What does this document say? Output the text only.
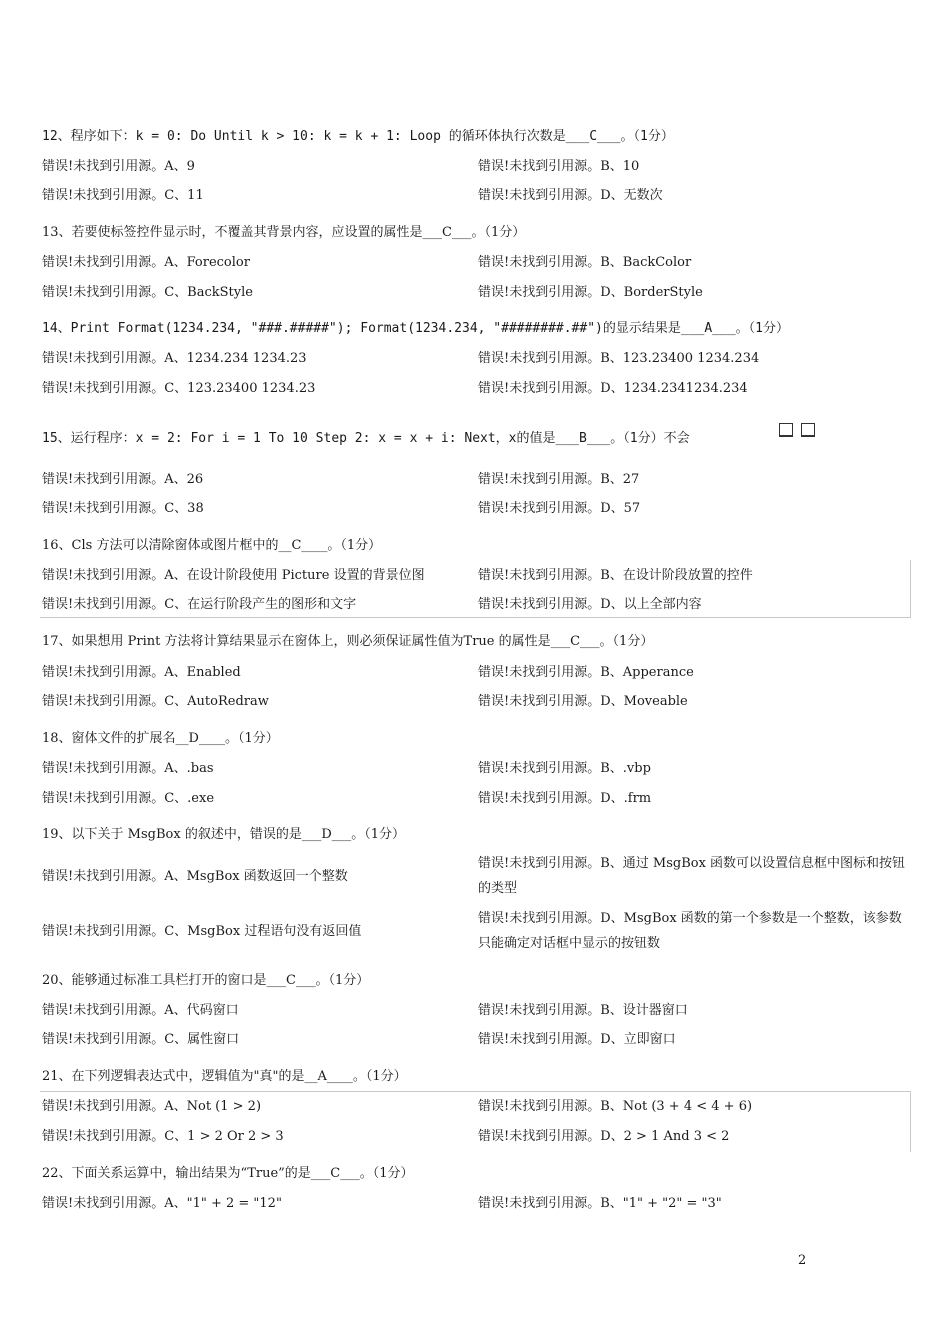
12、程序如下：k = 0: Do Until k > 10: k = k + 1: Loop 的循环体执行次数是___C___。（1分）
错误!未找到引用源。A、9	错误!未找到引用源。B、10
错误!未找到引用源。C、11	错误!未找到引用源。D、无数次
13、若要使标签控件显示时，不覆盖其背景内容，应设置的属性是___C___。（1分）
错误!未找到引用源。A、Forecolor	错误!未找到引用源。B、BackColor
错误!未找到引用源。C、BackStyle	错误!未找到引用源。D、BorderStyle
14、Print Format(1234.234, "###.#####"); Format(1234.234, "########.##")的显示结果是___A___。（1分）
错误!未找到引用源。A、1234.234 1234.23	错误!未找到引用源。B、123.23400 1234.234
错误!未找到引用源。C、123.23400 1234.23	错误!未找到引用源。D、1234.2341234.234
15、运行程序：x = 2: For i = 1 To 10 Step 2: x = x + i: Next，x的值是___B___。（1分）不会
错误!未找到引用源。A、26	错误!未找到引用源。B、27
错误!未找到引用源。C、38	错误!未找到引用源。D、57
16、Cls 方法可以清除窗体或图片框中的__C____。（1分）
错误!未找到引用源。A、在设计阶段使用 Picture 设置的背景位图	错误!未找到引用源。B、在设计阶段放置的控件
错误!未找到引用源。C、在运行阶段产生的图形和文字	错误!未找到引用源。D、以上全部内容
17、如果想用 Print 方法将计算结果显示在窗体上，则必须保证属性值为True 的属性是___C___。（1分）
错误!未找到引用源。A、Enabled	错误!未找到引用源。B、Apperance
错误!未找到引用源。C、AutoRedraw	错误!未找到引用源。D、Moveable
18、窗体文件的扩展名__D____。（1分）
错误!未找到引用源。A、.bas	错误!未找到引用源。B、.vbp
错误!未找到引用源。C、.exe	错误!未找到引用源。D、.frm
19、以下关于 MsgBox 的叙述中，错误的是___D___。（1分）
错误!未找到引用源。A、MsgBox 函数返回一个整数
错误!未找到引用源。B、通过 MsgBox 函数可以设置信息框中图标和按钮的类型
错误!未找到引用源。C、MsgBox 过程语句没有返回值
错误!未找到引用源。D、MsgBox 函数的第一个参数是一个整数，该参数只能确定对话框中显示的按钮数
20、能够通过标准工具栏打开的窗口是___C___。（1分）
错误!未找到引用源。A、代码窗口	错误!未找到引用源。B、设计器窗口
错误!未找到引用源。C、属性窗口	错误!未找到引用源。D、立即窗口
21、在下列逻辑表达式中，逻辑值为"真"的是__A____。（1分）
错误!未找到引用源。A、Not (1 > 2)	错误!未找到引用源。B、Not (3 + 4 < 4 + 6)
错误!未找到引用源。C、1 > 2 Or 2 > 3	错误!未找到引用源。D、2 > 1 And 3 < 2
22、下面关系运算中，输出结果为“True”的是___C___。（1分）
错误!未找到引用源。A、"1" + 2 = "12"	错误!未找到引用源。B、"1" + "2" = "3"
2
